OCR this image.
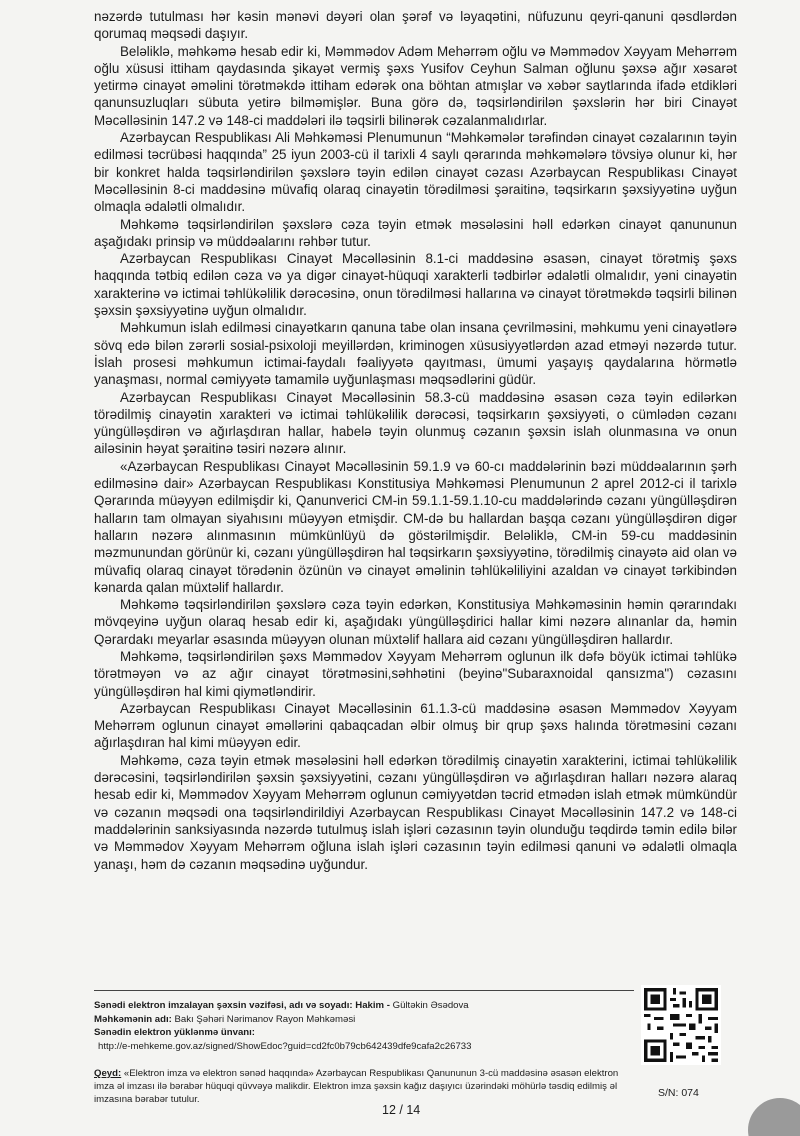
nəzərdə tutulması hər kəsin mənəvi dəyəri olan şərəf və ləyaqətini, nüfuzunu qeyri-qanuni qəsdlərdən qorumaq məqsədi daşıyır.

Beləliklə, məhkəmə hesab edir ki, Məmmədov Adəm Mehərrəm oğlu və Məmmədov Xəyyam Mehərrəm oğlu xüsusi ittiham qaydasında şikayət vermiş şəxs Yusifov Ceyhun Salman oğlunu şəxsə ağır xəsarət yetirmə cinayət əməlini törətməkdə ittiham edərək ona böhtan atmışlar və xəbər saytlarında ifadə etdikləri qanunsuzluqları sübuta yetirə bilməmişlər. Buna görə də, təqsirləndirilən şəxslərin hər biri Cinayət Məcəlləsinin 147.2 və 148-ci maddələri ilə təqsirli bilinərək cəzalanmalıdırlar.

Azərbaycan Respublikası Ali Məhkəməsi Plenumunun “Məhkəmələr tərəfindən cinayət cəzalarının təyin edilməsi təcrübəsi haqqında” 25 iyun 2003-cü il tarixli 4 saylı qərarında məhkəmələrə tövsiyə olunur ki, hər bir konkret halda təqsirləndirilən şəxslərə təyin edilən cinayət cəzası Azərbaycan Respublikası Cinayət Məcəlləsinin 8-ci maddəsinə müvafiq olaraq cinayətin törədilməsi şəraitinə, təqsirkarın şəxsiyyətinə uyğun olmaqla ədalətli olmalıdır.

Məhkəmə təqsirləndirilən şəxslərə cəza təyin etmək məsələsini həll edərkən cinayət qanununun aşağıdakı prinsip və müddəalarını rəhbər tutur.

Azərbaycan Respublikası Cinayət Məcəlləsinin 8.1-ci maddəsinə əsasən, cinayət törətmiş şəxs haqqında tətbiq edilən cəza və ya digər cinayət-hüquqi xarakterli tədbirlər ədalətli olmalıdır, yəni cinayətin xarakterinə və ictimai təhlükəlilik dərəcəsinə, onun törədilməsi hallarına və cinayət törətməkdə təqsirli bilinən şəxsin şəxsiyyətinə uyğun olmalıdır.

Məhkumun islah edilməsi cinayətkarın qanuna tabe olan insana çevrilməsini, məhkumu yeni cinayətlərə sövq edə bilən zərərli sosial-psixoloji meyillərdən, kriminogen xüsusiyyətlərdən azad etməyi nəzərdə tutur. İslah prosesi məhkumun ictimai-faydalı fəaliyyətə qayıtması, ümumi yaşayış qaydalarına hörmətlə yanaşması, normal cəmiyyətə tamamilə uyğunlaşması məqsədlərini güdür.

Azərbaycan Respublikası Cinayət Məcəlləsinin 58.3-cü maddəsinə əsasən cəza təyin edilərkən törədilmiş cinayətin xarakteri və ictimai təhlükəlilik dərəcəsi, təqsirkarın şəxsiyyəti, o cümlədən cəzanı yüngülləşdirən və ağırlaşdıran hallar, habelə təyin olunmuş cəzanın şəxsin islah olunmasına və onun ailəsinin həyat şəraitinə təsiri nəzərə alınır.

«Azərbaycan Respublikası Cinayət Məcəlləsinin 59.1.9 və 60-cı maddələrinin bəzi müddəalarının şərh edilməsinə dair» Azərbaycan Respublikası Konstitusiya Məhkəməsi Plenumunun 2 aprel 2012-ci il tarixlə Qərarında müəyyən edilmişdir ki, Qanunverici CM-in 59.1.1-59.1.10-cu maddələrində cəzanı yüngülləşdirən halların tam olmayan siyahısını müəyyən etmişdir. CM-də bu hallardan başqa cəzanı yüngülləşdirən digər halların nəzərə alınmasının mümkünlüyü də göstərilmişdir. Beləliklə, CM-in 59-cu maddəsinin məzmunundan görünür ki, cəzanı yüngülləşdirən hal təqsirkarın şəxsiyyətinə, törədilmiş cinayətə aid olan və müvafiq olaraq cinayət törədənin özünün və cinayət əməlinin təhlükəliliyini azaldan və cinayət tərkibindən kənarda qalan müxtəlif hallardır.

Məhkəmə təqsirləndirilən şəxslərə cəza təyin edərkən, Konstitusiya Məhkəməsinin həmin qərarındakı mövqeyinə uyğun olaraq hesab edir ki, aşağıdakı yüngülləşdirici hallar kimi nəzərə alınanlar da, həmin Qərardakı meyarlar əsasında müəyyən olunan müxtəlif hallara aid cəzanı yüngülləşdirən hallardır.

Məhkəmə, təqsirləndirilən şəxs Məmmədov Xəyyam Mehərrəm oglunun ilk dəfə böyük ictimai təhlükə törətməyən və az ağır cinayət törətməsini,səhhətini (beyinə"Subaraxnoidal qansızma") cəzasını yüngülləşdirən hal kimi qiymətləndirir.

Azərbaycan Respublikası Cinayət Məcəlləsinin 61.1.3-cü maddəsinə əsasən Məmmədov Xəyyam Mehərrəm oglunun cinayət əməllərini qabaqcadan əlbir olmuş bir qrup şəxs halında törətməsini cəzanı ağırlaşdıran hal kimi müəyyən edir.

Məhkəmə, cəza təyin etmək məsələsini həll edərkən törədilmiş cinayətin xarakterini, ictimai təhlükəlilik dərəcəsini, təqsirləndirilən şəxsin şəxsiyyətini, cəzanı yüngülləşdirən və ağırlaşdıran halları nəzərə alaraq hesab edir ki, Məmmədov Xəyyam Mehərrəm oglunun cəmiyyətdən təcrid etmədən islah etmək mümkündür və cəzanın məqsədi ona təqsirləndirildiyi Azərbaycan Respublikası Cinayət Məcəlləsinin 147.2 və 148-ci maddələrinin sanksiyasında nəzərdə tutulmuş islah işləri cəzasının təyin olunduğu təqdirdə təmin edilə bilər və Məmmədov Xəyyam Mehərrəm oğluna islah işləri cəzasının təyin edilməsi qanuni və ədalətli olmaqla yanaşı, həm də cəzanın məqsədinə uyğundur.

Sənədi elektron imzalayan şəxsin vəzifəsi, adı və soyadı: Hakim - Gültəkin Əsədova
Məhkəmənin adı: Bakı Şəhəri Nərimanov Rayon Məhkəməsi
Sənədin elektron yüklənmə ünvanı:
http://e-mehkeme.gov.az/signed/ShowEdoc?guid=cd2fc0b79cb642439dfe9cafa2c26733
Qeyd: «Elektron imza və elektron sənəd haqqında» Azərbaycan Respublikası Qanununun 3-cü maddəsinə əsasən elektron imza əl imzası ilə bərabər hüquqi qüvvəyə malikdir. Elektron imza şəxsin kağız daşıyıcı üzərindəki möhürlə təsdiq edilmiş əl imzasına bərabər tutulur.
S/N: 074
12 / 14
